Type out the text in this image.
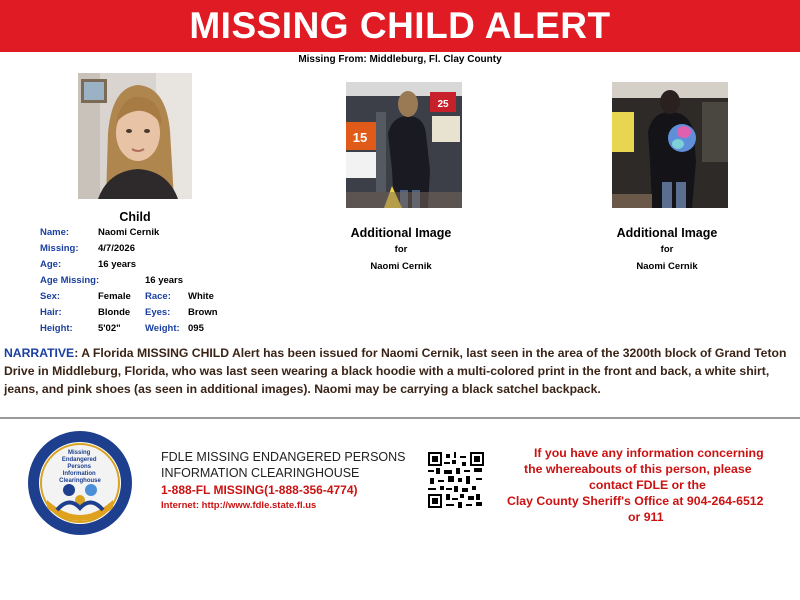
MISSING CHILD ALERT
Missing From: Middleburg, Fl. Clay County
Child
Name:	Naomi Cernik
Missing: 4/7/2026
Age:	16 years
Age Missing:	16 years
Sex:	Female Race: White
Hair:	Blonde Eyes: Brown
Height:	5'02"	Weight: 095
25
15
Additional Image
for
Naomi Cernik
Additional Image
for
Naomi Cernik
NARRATIVE: A Florida MISSING CHILD Alert has been issued for Naomi Cernik, last seen in the area of the 3200th block of Grand Teton Drive in Middleburg, Florida, who was last seen wearing a black hoodie with a multi-colored print in the front and back, a white shirt, jeans, and pink shoes (as seen in additional images). Naomi may be carrying a black satchel backpack.
Missing Endangered Persons Information Clearinghouse
FDLE MISSING ENDANGERED PERSONS
INFORMATION CLEARINGHOUSE
1-888-FL MISSING(1-888-356-4774)
Internet: http://www.fdle.state.fl.us
If you have any information concerning
the whereabouts of this person, please
contact FDLE or the
Clay County Sheriff's Office at 904-264-6512
or 911
